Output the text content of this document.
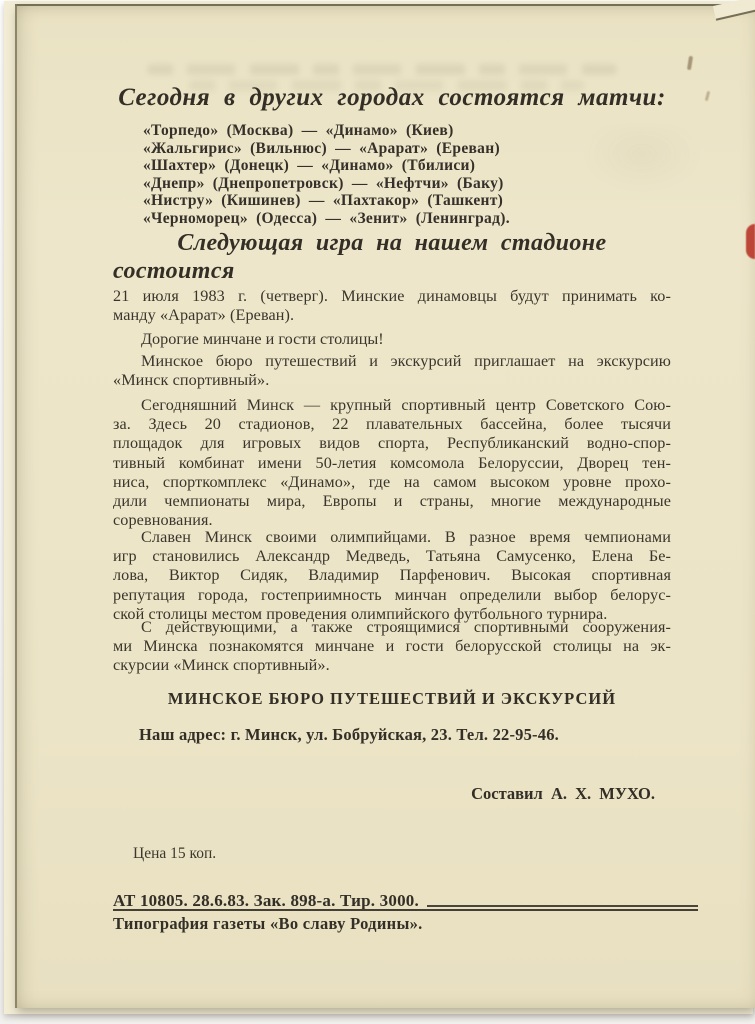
Сегодня в других городах состоятся матчи:
«Торпедо» (Москва) — «Динамо» (Киев)
«Жальгирис» (Вильнюс) — «Арарат» (Ереван)
«Шахтер» (Донецк) — «Динамо» (Тбилиси)
«Днепр» (Днепропетровск) — «Нефтчи» (Баку)
«Нистру» (Кишинев) — «Пахтакор» (Ташкент)
«Черноморец» (Одесса) — «Зенит» (Ленинград).
Следующая игра на нашем стадионе
состоится
21 июля 1983 г. (четверг). Минские динамовцы будут принимать ко-
манду «Арарат» (Ереван).
Дорогие минчане и гости столицы!
Минское бюро путешествий и экскурсий приглашает на экскурсию
«Минск спортивный».
Сегодняшний Минск — крупный спортивный центр Советского Сою-
за. Здесь 20 стадионов, 22 плавательных бассейна, более тысячи
площадок для игровых видов спорта, Республиканский водно-спор-
тивный комбинат имени 50-летия комсомола Белоруссии, Дворец тен-
ниса, спорткомплекс «Динамо», где на самом высоком уровне прохо-
дили чемпионаты мира, Европы и страны, многие международные
соревнования.
Славен Минск своими олимпийцами. В разное время чемпионами
игр становились Александр Медведь, Татьяна Самусенко, Елена Бе-
лова, Виктор Сидяк, Владимир Парфенович. Высокая спортивная
репутация города, гостеприимность минчан определили выбор белорус-
ской столицы местом проведения олимпийского футбольного турнира.
С действующими, а также строящимися спортивными сооружения-
ми Минска познакомятся минчане и гости белорусской столицы на эк-
скурсии «Минск спортивный».
МИНСКОЕ БЮРО ПУТЕШЕСТВИЙ И ЭКСКУРСИЙ
Наш адрес: г. Минск, ул. Бобруйская, 23. Тел. 22-95-46.
Составил А. Х. МУХО.
Цена 15 коп.
АТ 10805. 28.6.83. Зак. 898-а. Тир. 3000.
Типография газеты «Во славу Родины».
